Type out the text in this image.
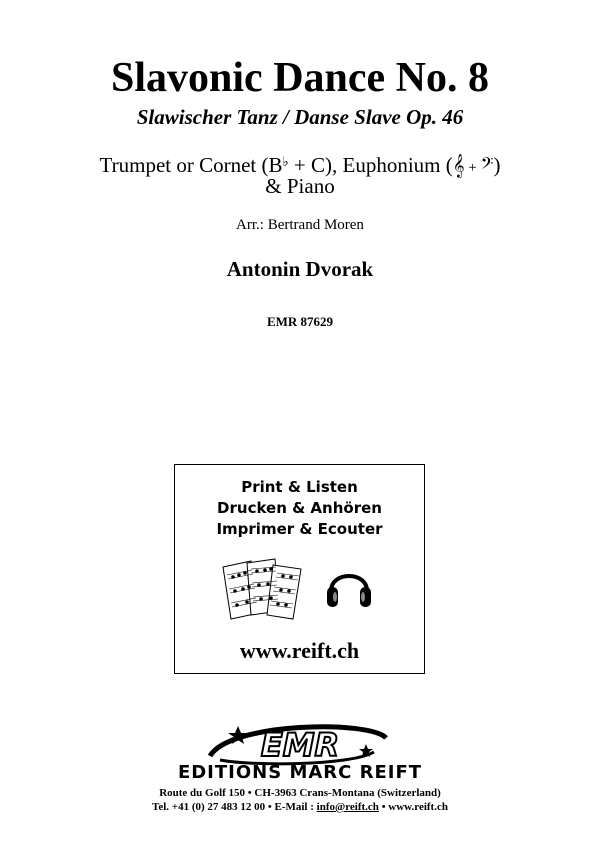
Slavonic Dance No. 8
Slawischer Tanz / Danse Slave Op. 46
Trumpet or Cornet (B♭ + C), Euphonium (𝄞 + 𝄢)
& Piano
Arr.: Bertrand Moren
Antonin Dvorak
EMR 87629
Print & Listen
Drucken & Anhören
Imprimer & Ecouter
www.reift.ch
EMR
EDITIONS MARC REIFT
Route du Golf 150 • CH-3963 Crans-Montana (Switzerland)
Tel. +41 (0) 27 483 12 00 • E-Mail : info@reift.ch • www.reift.ch
